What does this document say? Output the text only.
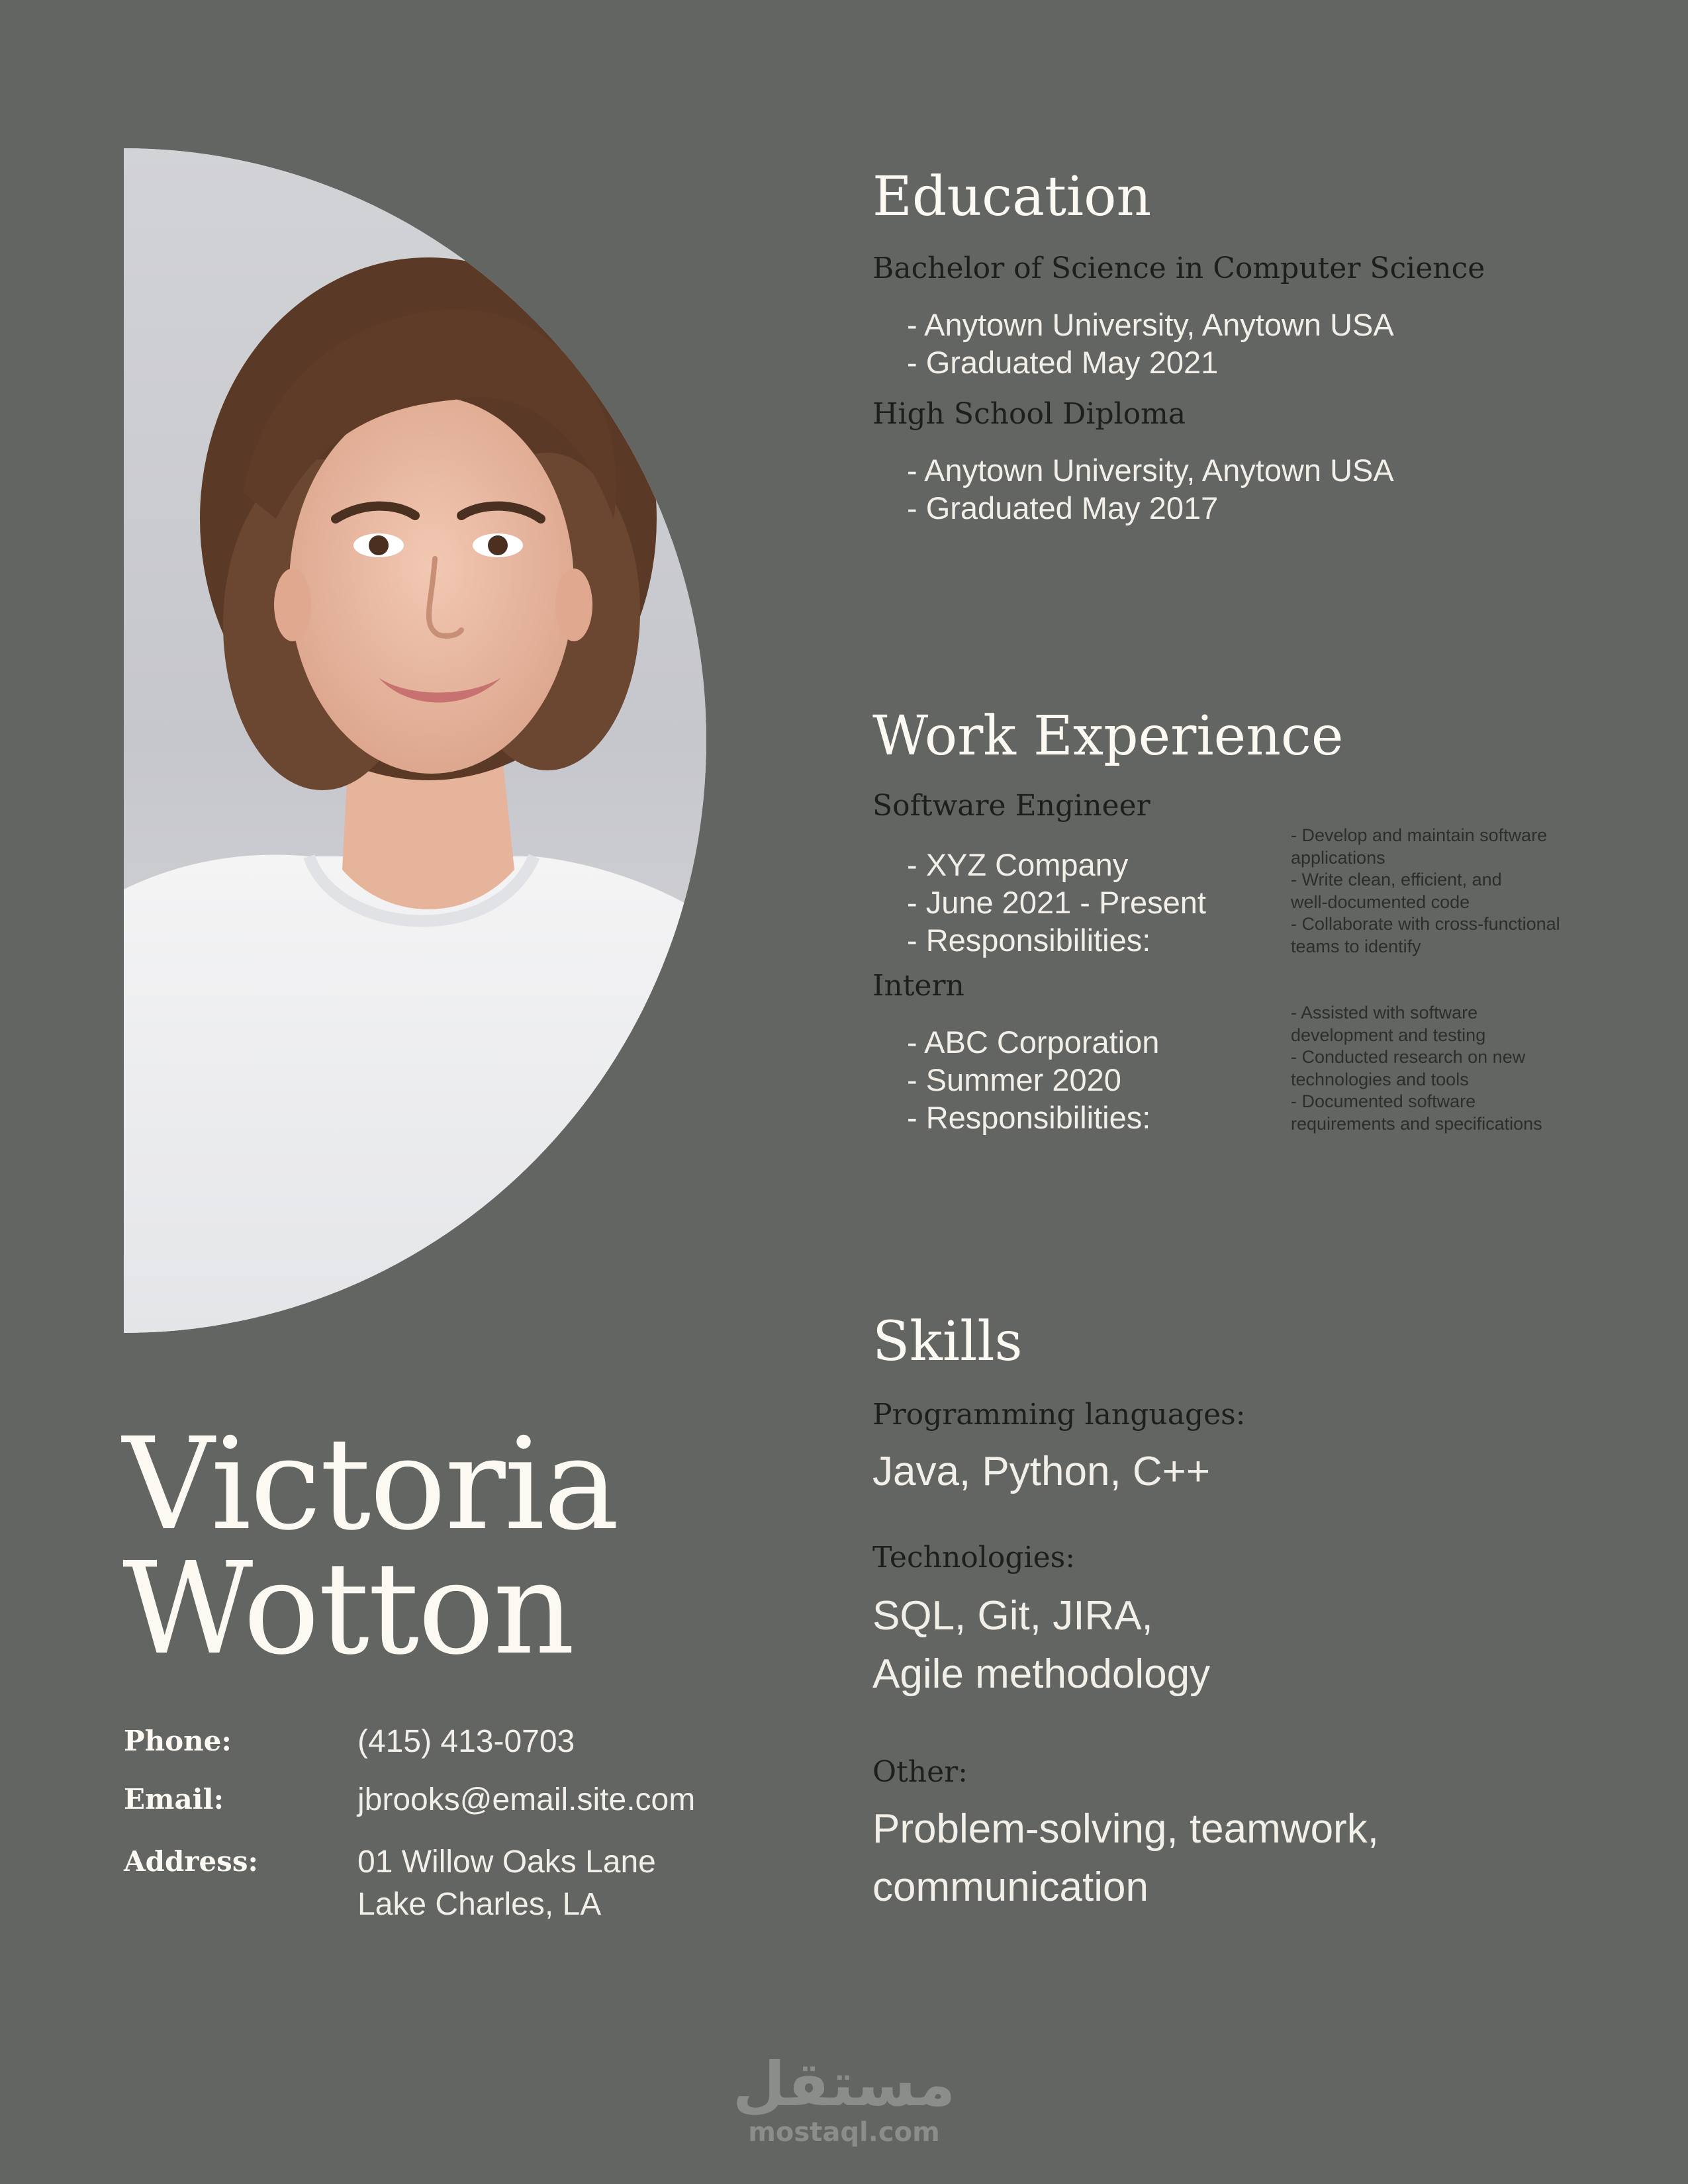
Victoria
Wotton
Phone:	(415) 413-0703
Email:	jbrooks@email.site.com
Address:	01 Willow Oaks Lane
Lake Charles, LA
Education
Bachelor of Science in Computer Science
- Anytown University, Anytown USA
- Graduated May 2021
High School Diploma
- Anytown University, Anytown USA
- Graduated May 2017
Work Experience
Software Engineer
- XYZ Company
- June 2021 - Present
- Responsibilities:
- Develop and maintain software
applications
- Write clean, efficient, and
well-documented code
- Collaborate with cross-functional
teams to identify
Intern
- ABC Corporation
- Summer 2020
- Responsibilities:
- Assisted with software
development and testing
- Conducted research on new
technologies and tools
- Documented software
requirements and specifications
Skills
Programming languages:
Java, Python, C++
Technologies:
SQL, Git, JIRA,
Agile methodology
Other:
Problem-solving, teamwork,
communication
مستقل
mostaql.com
